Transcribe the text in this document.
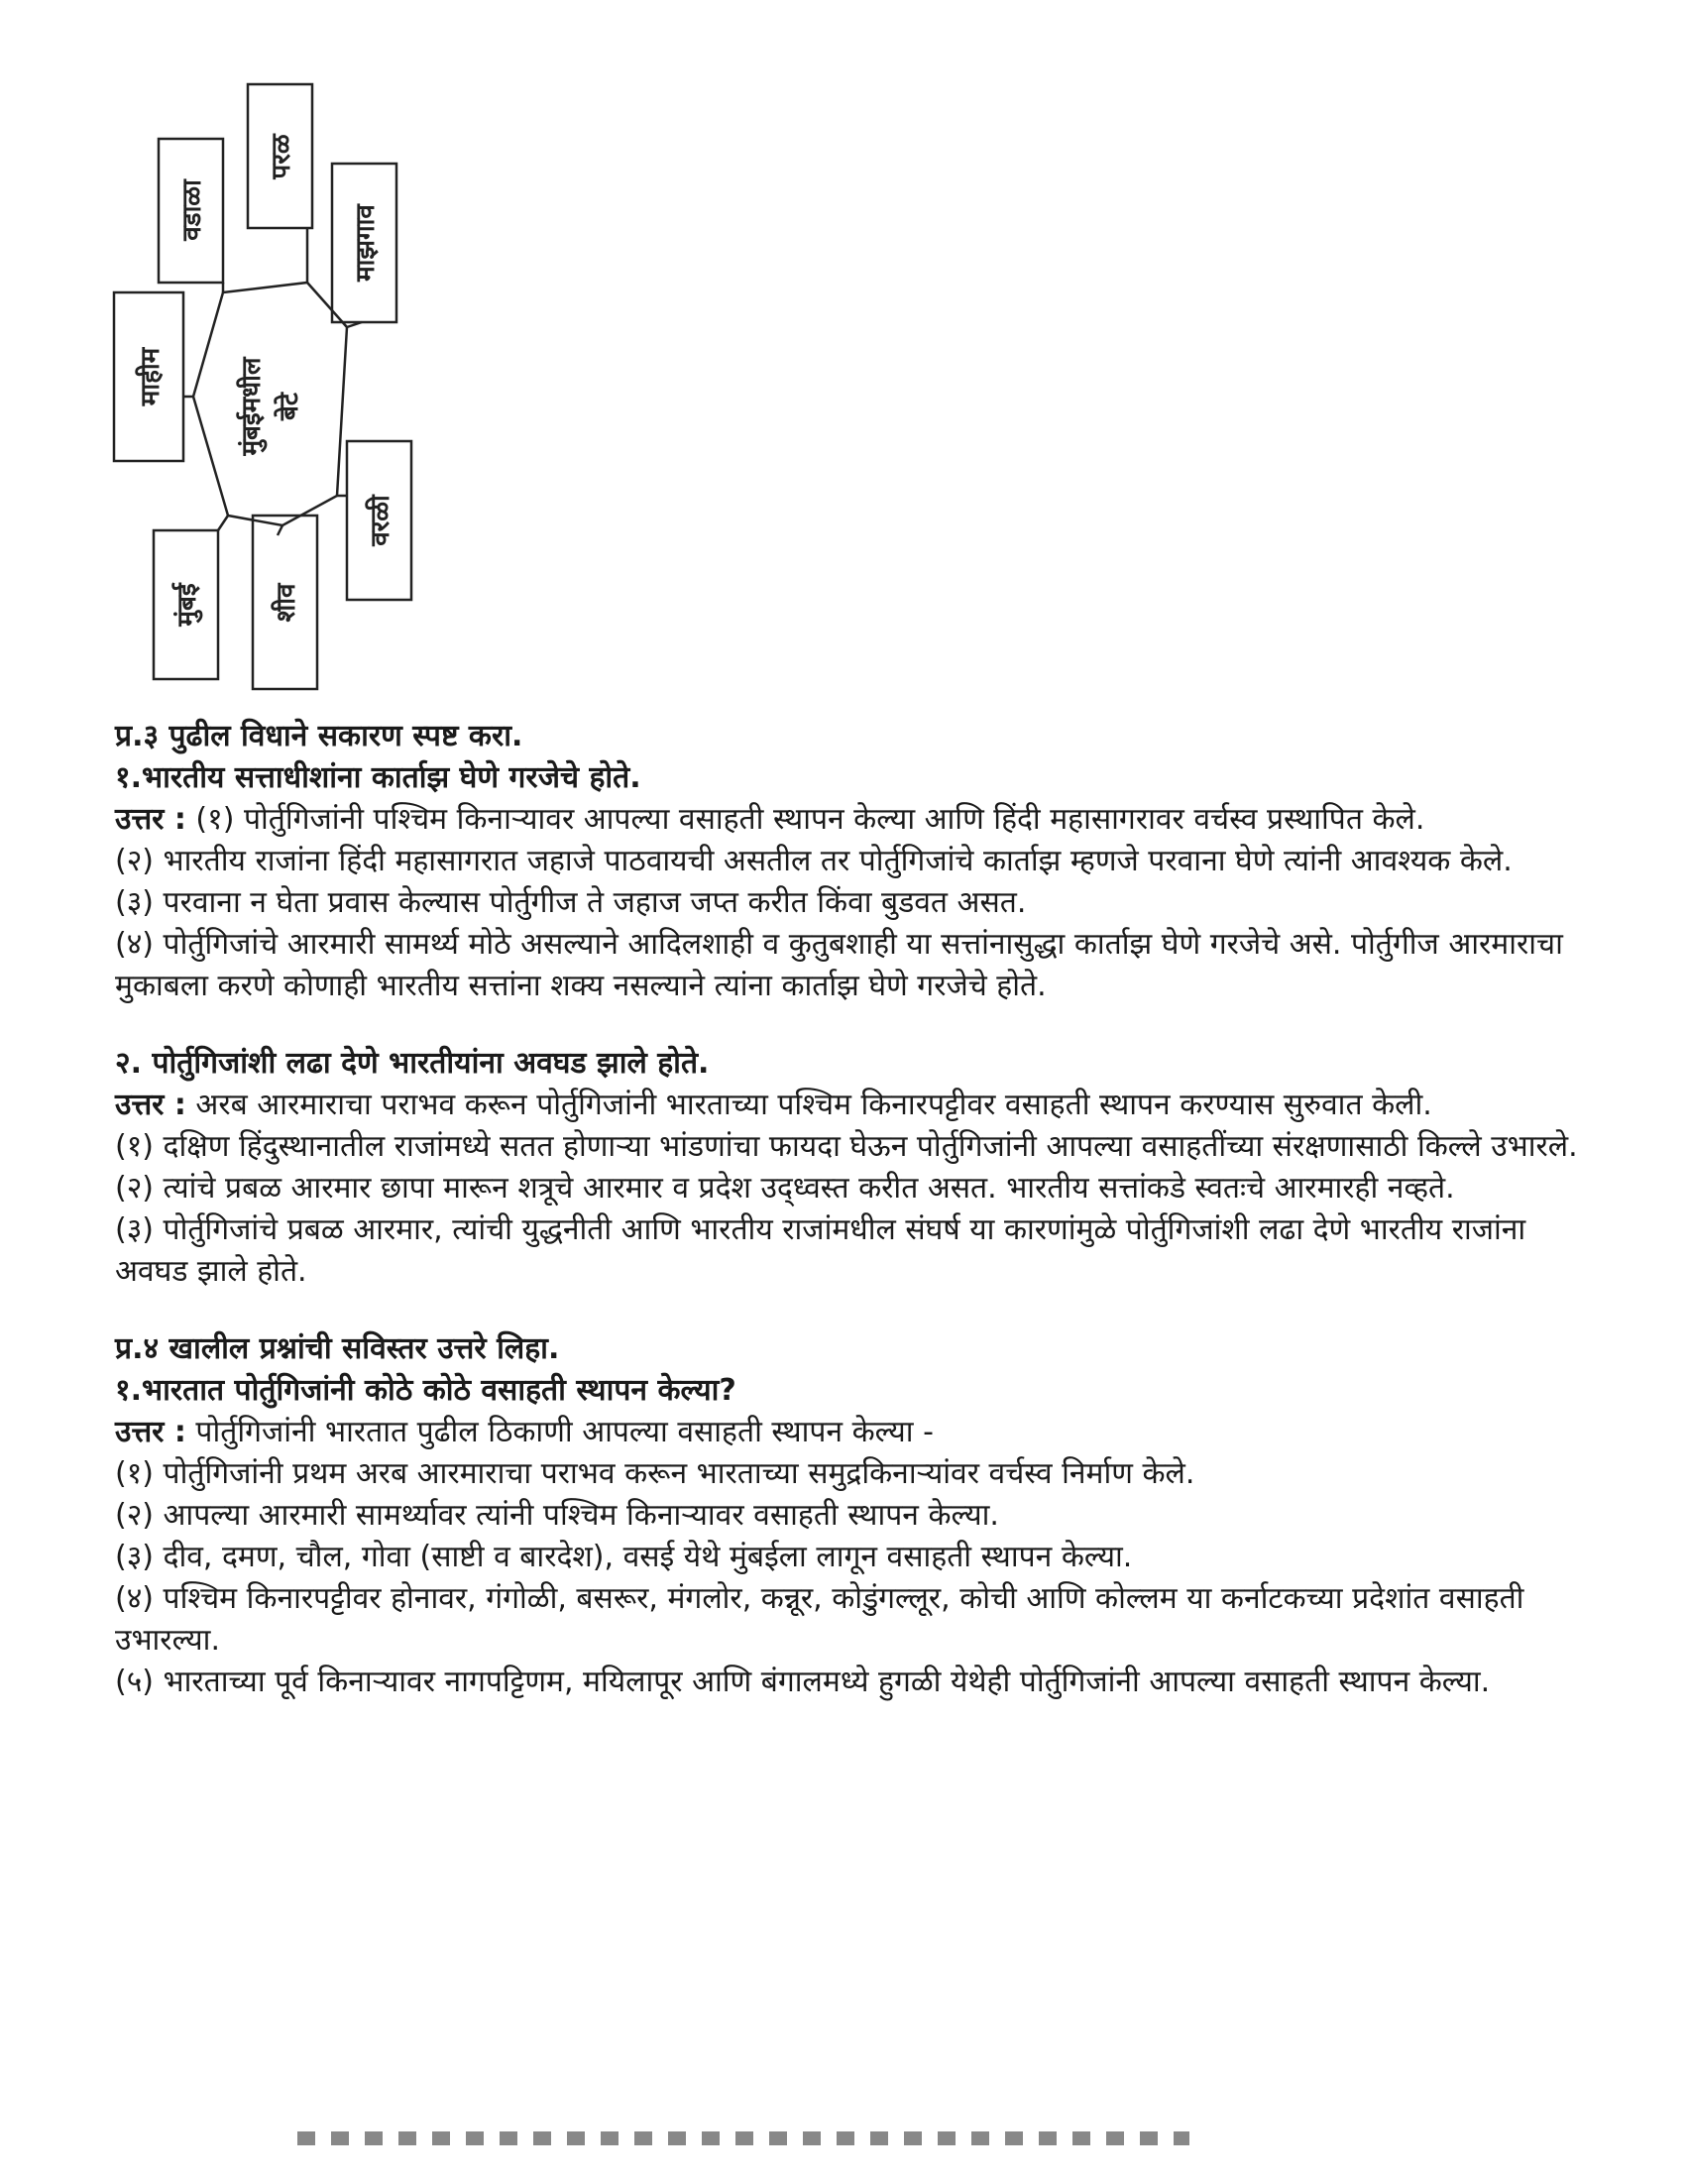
वडाळा
परळ
माझगाव
माहीम
वरळी
मुंबई	शीव
मुंबईमधील बेटे

प्र.३ पुढील विधाने सकारण स्पष्ट करा.

१.भारतीय सत्ताधीशांना कार्ताझ घेणे गरजेचे होते.

उत्तर : (१) पोर्तुगिजांनी पश्चिम किनाऱ्यावर आपल्या वसाहती स्थापन केल्या आणि हिंदी महासागरावर वर्चस्व प्रस्थापित केले.

(२) भारतीय राजांना हिंदी महासागरात जहाजे पाठवायची असतील तर पोर्तुगिजांचे कार्ताझ म्हणजे परवाना घेणे त्यांनी आवश्यक केले.

(३) परवाना न घेता प्रवास केल्यास पोर्तुगीज ते जहाज जप्त करीत किंवा बुडवत असत.

(४) पोर्तुगिजांचे आरमारी सामर्थ्य मोठे असल्याने आदिलशाही व कुतुबशाही या सत्तांनासुद्धा कार्ताझ घेणे गरजेचे असे. पोर्तुगीज आरमाराचा मुकाबला करणे कोणाही भारतीय सत्तांना शक्य नसल्याने त्यांना कार्ताझ घेणे गरजेचे होते.

२. पोर्तुगिजांशी लढा देणे भारतीयांना अवघड झाले होते.

उत्तर : अरब आरमाराचा पराभव करून पोर्तुगिजांनी भारताच्या पश्चिम किनारपट्टीवर वसाहती स्थापन करण्यास सुरुवात केली.

(१) दक्षिण हिंदुस्थानातील राजांमध्ये सतत होणाऱ्या भांडणांचा फायदा घेऊन पोर्तुगिजांनी आपल्या वसाहतींच्या संरक्षणासाठी किल्ले उभारले.

(२) त्यांचे प्रबळ आरमार छापा मारून शत्रूचे आरमार व प्रदेश उद्ध्वस्त करीत असत. भारतीय सत्तांकडे स्वतःचे आरमारही नव्हते.

(३) पोर्तुगिजांचे प्रबळ आरमार, त्यांची युद्धनीती आणि भारतीय राजांमधील संघर्ष या कारणांमुळे पोर्तुगिजांशी लढा देणे भारतीय राजांना अवघड झाले होते.

प्र.४ खालील प्रश्नांची सविस्तर उत्तरे लिहा.

१.भारतात पोर्तुगिजांनी कोठे कोठे वसाहती स्थापन केल्या?

उत्तर : पोर्तुगिजांनी भारतात पुढील ठिकाणी आपल्या वसाहती स्थापन केल्या -

(१) पोर्तुगिजांनी प्रथम अरब आरमाराचा पराभव करून भारताच्या समुद्रकिनाऱ्यांवर वर्चस्व निर्माण केले.

(२) आपल्या आरमारी सामर्थ्यावर त्यांनी पश्चिम किनाऱ्यावर वसाहती स्थापन केल्या.

(३) दीव, दमण, चौल, गोवा (साष्टी व बारदेश), वसई येथे मुंबईला लागून वसाहती स्थापन केल्या.

(४) पश्चिम किनारपट्टीवर होनावर, गंगोळी, बसरूर, मंगलोर, कन्नूर, कोडुंगल्लूर, कोची आणि कोल्लम या कर्नाटकच्या प्रदेशांत वसाहती उभारल्या.

(५) भारताच्या पूर्व किनाऱ्यावर नागपट्टिणम, मयिलापूर आणि बंगालमध्ये हुगळी येथेही पोर्तुगिजांनी आपल्या वसाहती स्थापन केल्या.
